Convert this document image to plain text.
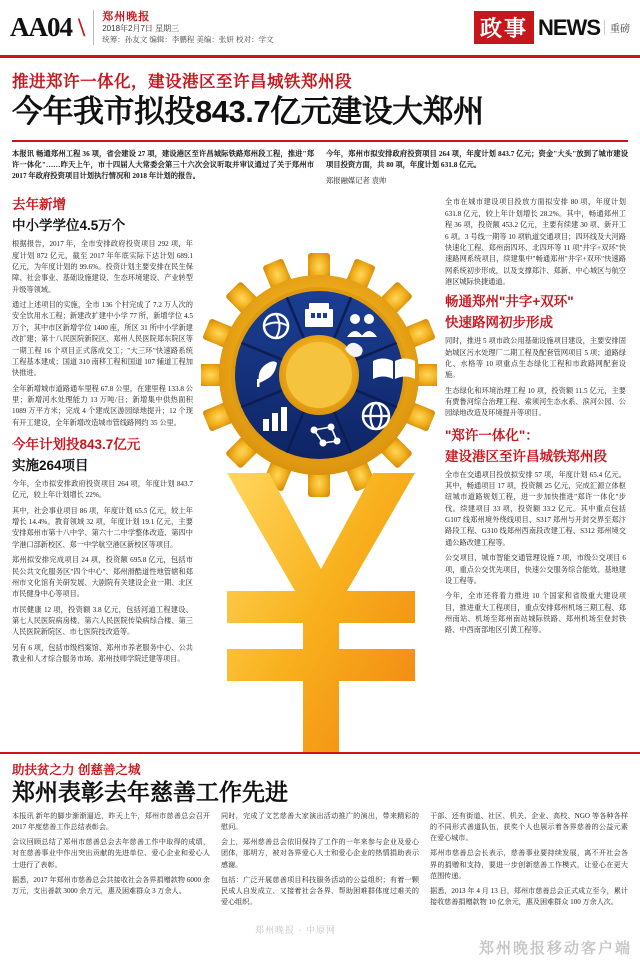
AA04 \ 郑州晚报
2018年2月7日 星期三
统筹：孙友文 编辑：李鹏程 美编：张妍 校对：学文	政事 NEWS	重磅
推进郑许一体化，建设港区至许昌城铁郑州段
今年我市拟投843.7亿元建设大郑州

本报讯 畅通郑州工程 36 项，省会建设 27 项，建设港区至许昌城际铁路郑州段工程，推进"郑许一体化"……昨天上午，市十四届人大常委会第三十六次会议听取并审议通过了关于郑州市 2017 年政府投资项目计划执行情况和 2018 年计划的报告。

今年，郑州市拟安排政府投资项目 264 项，年度计划 843.7 亿元；资金"大头"放到了城市建设项目投资方面，共 80 项，年度计划 631.8 亿元。

郑报融媒记者 袁帅

去年新增
中小学学位4.5万个

根据报告，2017 年，全市安排政府投资项目 292 项，年度计划 872 亿元，截至 2017 年年底实际下达计划 689.1 亿元，为年度计划的 99.6%。投资计划主要安排在民生保障、社会事业、基础设施建设、生态环境建设、产业转型升级等领域。

通过上述项目的实施，全市 136 个村完成了 7.2 万人次的安全饮用水工程；新建改扩建中小学 77 所，新增学位 4.5 万个，其中市区新增学位 1400 座，所区 31 所中小学新建改扩建；第十八民医院新院区、郑州人民医院郑东院区等一期工程 16 个项目正式落成交工；"大三环"快速路系统工程基本建成；国道 310 南移工程和国道 107 辅道工程加快推进。

全年新增城市道路通车里程 67.8 公里，在建里程 133.8 公里；新增河水处理能力 13 万吨/日；新增集中供热面积 1089 万平方米；完成 4 个建成区游园绿地提升；12 个现有开工建设，全年新增改造城市管线路网约 35 公里。

今年计划投843.7亿元
实施264项目

今年，全市拟安排政府投资项目 264 项，年度计划 843.7 亿元，较上年计划增长 22%。

其中，社会事业项目 86 项，年度计划 65.5 亿元，较上年增长 14.4%。教育领域 32 项，年度计划 19.1 亿元，主要安排郑州市第十八中学、第六十二中学整体改造、第四中学港口部新校区、郑一中学航空港区新校区等项目。

郑州拟安排完成项目 24 项，投资额 695.8 亿元，包括市民公共文化服务区"四个中心"、郑州滑酷道性地管辖和郑州市文化馆有关研发展、大剧院有关建设企业一期、北区市民健身中心等项目。

市民健康 12 项，投资额 3.8 亿元，包括河道工程建设、第七人民医院病房楼、第六人民医院传染病综合楼、第三人民医院新院区、市七医院技改造等。

另有 6 项，包括市级档案馆、郑州市养老服务中心、公共教业和人才综合服务市场、郑州技师学院迁建等项目。

全市在城市建设项目投放方面拟安排 80 项，年度计划 631.8 亿元，较上年计划增长 28.2%。其中，畅通郑州工程 36 项，投资额 453.2 亿元，主要有续建 30 项、新开工 6 项。3 号线一期等 10 项轨道交通项目；四环线及大河路快速化工程、郑州南四环、北四环等 11 项"井字+双环"快速路网系统项目，续建集中"畅通郑州"井字+双环"快速路网系统初步形成，以及支撑郑汴、郑新、中心城区与航空港区城际快捷通道。

畅通郑州"井字+双环"
快速路网初步形成

同时，推进 5 项市政公用基础设施项目建设，主要安排固始城区污水处理厂二期工程及配套管网项目 5 项；道路绿化、水格等 10 项重点生态绿化工程和市政路网配套设施。

生态绿化和环境治理工程 10 项，投资额 11.5 亿元，主要有贾鲁河综合治理工程、索须河生态水系、滨河公园、公园绿地改造及环境提升等项目。

"郑许一体化"：
建设港区至许昌城铁郑州段

全市在交通项目投放拟安排 57 项，年度计划 65.4 亿元。其中，畅通项目 17 项，投资额 25 亿元，完成汇源立体枢纽城市道路规划工程，进一步加快推进"郑许一体化"步伐。续建项目 33 项，投资额 33.2 亿元。其中重点包括 G107 线郑州境外绕线项目、S317 郑州与开封交界至郑汴路段工程、G310 线郑州西南段改建工程、S312 郑州境交通公路改建工程等。

公交项目，城市智能交通管理设施 7 项，市级公交项目 6 项，重点公交优先项目，快速公交服务综合能效、基地建设工程等。

今年，全市还将着力推进 10 个国家和省级重大建设项目，推进重大工程项目，重点安排郑州机场三期工程、郑州南站、机场至郑州南站城际铁路、郑州机场至登封铁路、中西南部地区引黄工程等。

助扶贫之力 创慈善之城
郑州表彰去年慈善工作先进

本报讯 新年的脚步渐渐逼近，昨天上午，郑州市慈善总会召开 2017 年度慈善工作总结表彰会。

会议回顾总结了郑州市慈善总会去年慈善工作中取得的成绩，对在慈善事业中作出突出贡献的先进单位、爱心企业和爱心人士进行了表彰。

据悉，2017 年郑州市慈善总会共接收社会各界捐赠款物 6000 余万元，支出善款 3000 余万元，惠及困难群众 3 万余人。

同时，完成了文艺慈善大家演出活动推广的演出，带来精彩的慰问。

会上，郑州慈善总会依旧保持了工作的一年来参与企业及爱心团体，那明方，被对各界爱心人士和爱心企业的热情捐助表示感谢。

包括：广泛开展慈善项目科技服务活动的公益组织；有着一颗民成人自发成立、又接着社会各界、帮助困难群体度过难关的爱心组织。

干部、还有街道、社区、机关、企业、高校、NGO 等各种各样的不同形式善道队伍，获奖个人也展示着各界慈善的公益元素在爱心城市。

郑州市慈善总会长表示，慈善事业要持续发展，离不开社会各界的捐赠和支持，要进一步创新慈善工作模式，让爱心在更大范围传递。

据悉，2013 年 4 月 13 日，郑州市慈善总会正式成立至今，累计接收慈善捐赠款物 10 亿余元，惠及困难群众 100 万余人次。

郑州晚报移动客户端
郑州晚报 · 中原网
